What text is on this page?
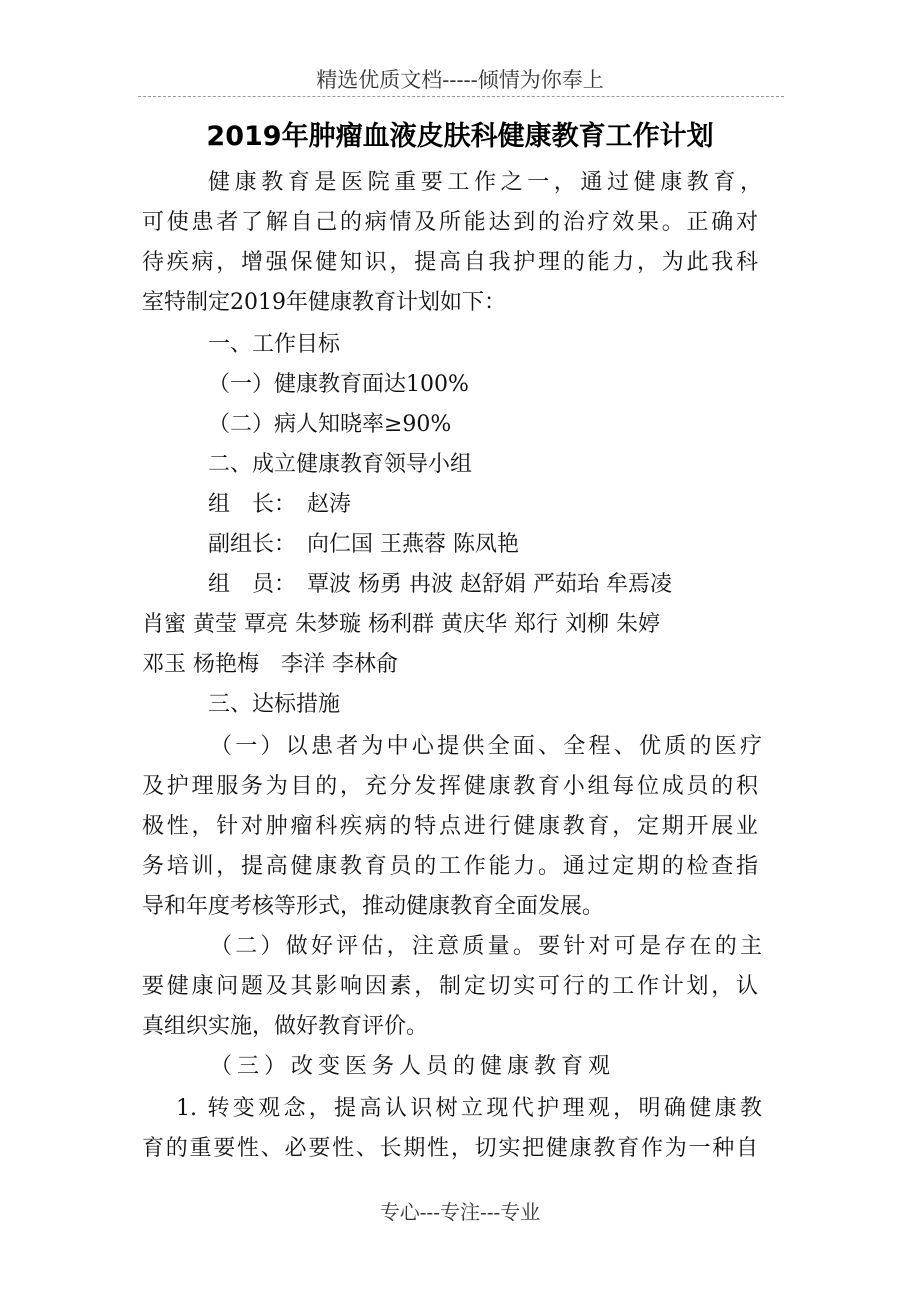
精选优质文档-----倾情为你奉上
2019年肿瘤血液皮肤科健康教育工作计划
健康教育是医院重要工作之一，通过健康教育，
可使患者了解自己的病情及所能达到的治疗效果。正确对
待疾病，增强保健知识，提高自我护理的能力，为此我科
室特制定2019年健康教育计划如下：
一、工作目标
（一）健康教育面达100%
（二）病人知晓率≥90%
二、成立健康教育领导小组
组　长：　赵涛
副组长：　向仁国 王燕蓉 陈凤艳
组　员：　覃波 杨勇 冉波 赵舒娟 严茹珆 牟焉凌
肖蜜 黄莹 覃亮 朱梦璇 杨利群 黄庆华 郑行 刘柳 朱婷
邓玉 杨艳梅　李洋 李林俞
三、达标措施
（一）以患者为中心提供全面、全程、优质的医疗
及护理服务为目的，充分发挥健康教育小组每位成员的积
极性，针对肿瘤科疾病的特点进行健康教育，定期开展业
务培训，提高健康教育员的工作能力。通过定期的检查指
导和年度考核等形式，推动健康教育全面发展。
（二）做好评估，注意质量。要针对可是存在的主
要健康问题及其影响因素，制定切实可行的工作计划，认
真组织实施，做好教育评价。
（三）改变医务人员的健康教育观
1. 转变观念，提高认识树立现代护理观，明确健康教
育的重要性、必要性、长期性，切实把健康教育作为一种自
专心---专注---专业
